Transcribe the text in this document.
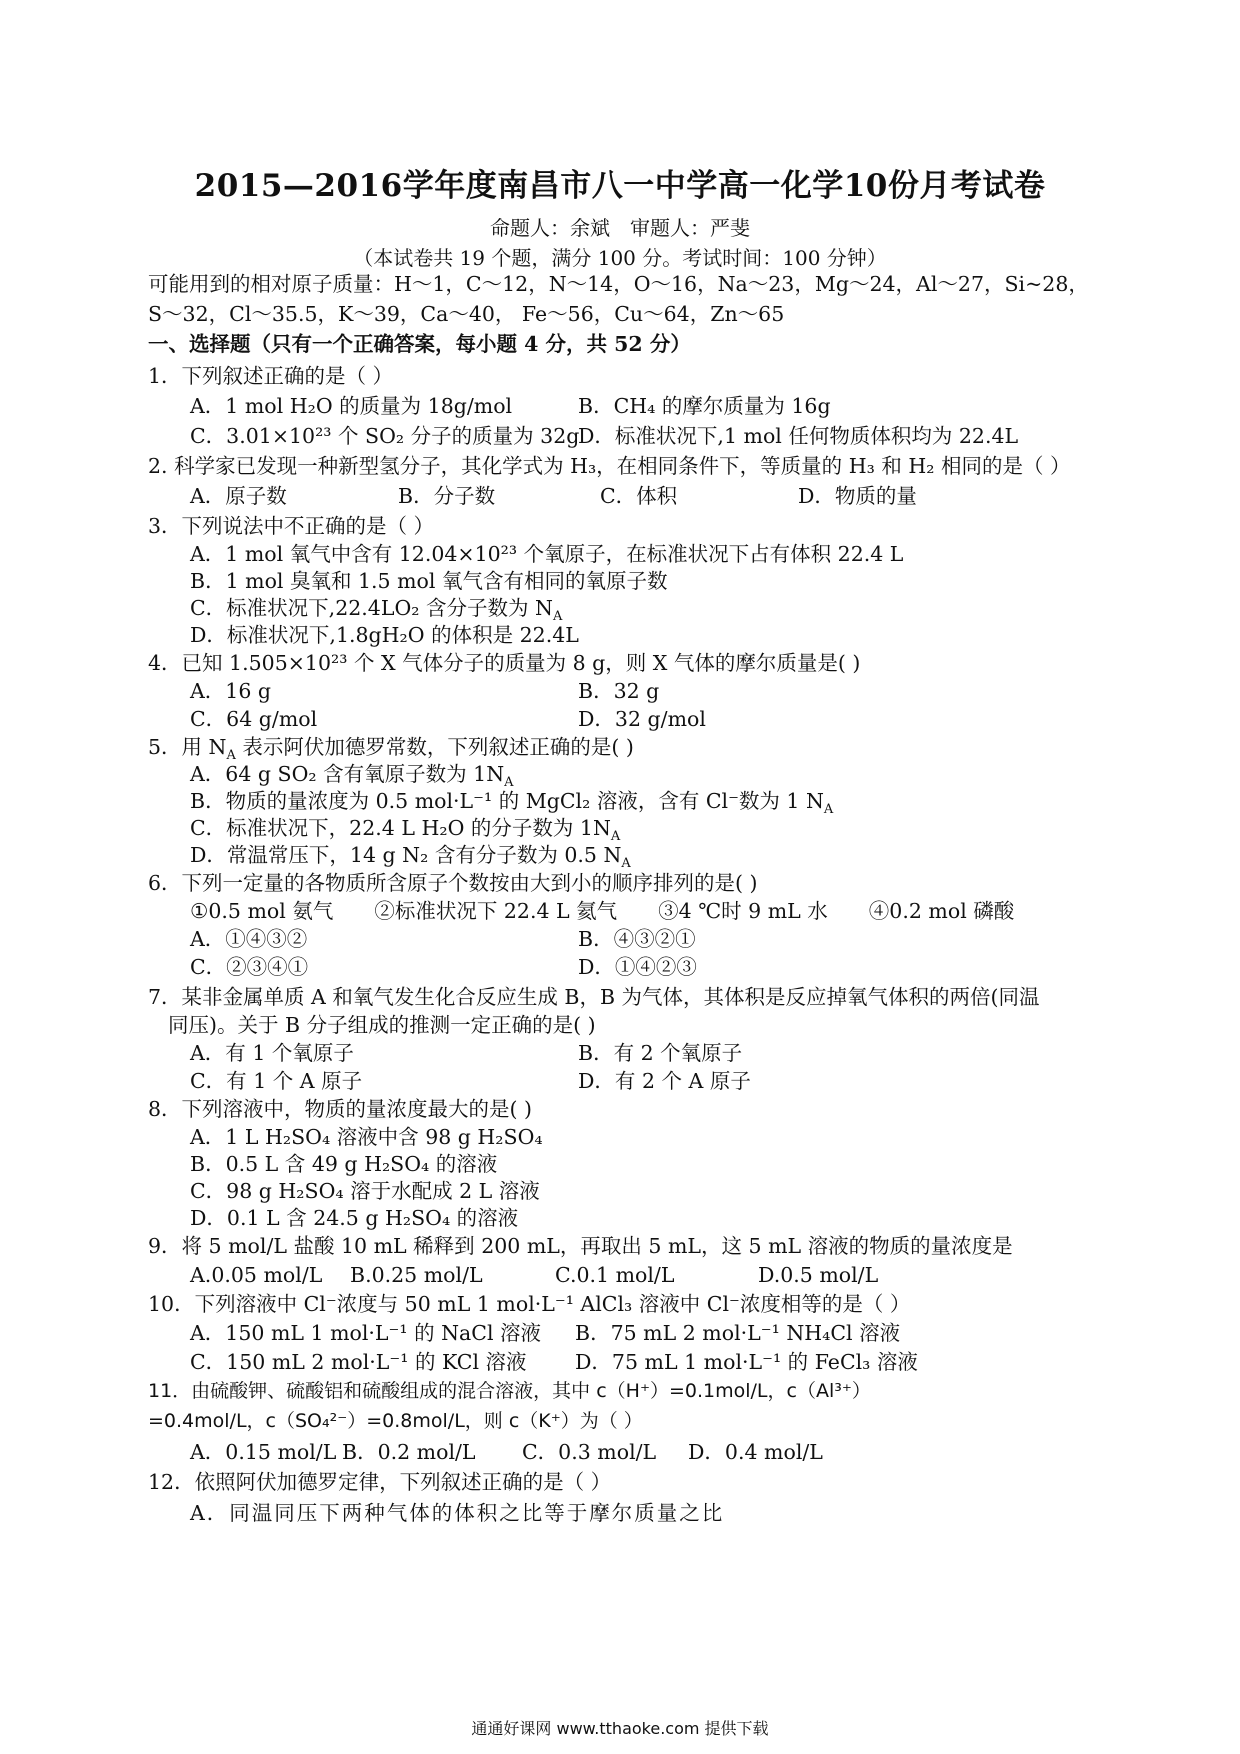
2015—2016学年度南昌市八一中学高一化学10份月考试卷
命题人：余斌　审题人：严斐
（本试卷共 19 个题，满分 100 分。考试时间：100 分钟）
可能用到的相对原子质量：H～1，C～12，N～14，O～16，Na～23，Mg～24，Al～27，Si~28，
S～32，Cl～35.5，K～39，Ca～40， Fe～56，Cu～64，Zn～65
一、选择题（只有一个正确答案，每小题 4 分，共 52 分）
1．下列叙述正确的是（ ）
A．1 mol H₂O 的质量为 18g/mol	B．CH₄ 的摩尔质量为 16g
C．3.01×10²³ 个 SO₂ 分子的质量为 32g
D．标准状况下,1 mol 任何物质体积均为 22.4L
2. 科学家已发现一种新型氢分子，其化学式为 H₃，在相同条件下，等质量的 H₃ 和 H₂ 相同的是（ ）
A．原子数	B．分子数	C．体积	D．物质的量
3．下列说法中不正确的是（ ）
A．1 mol 氧气中含有 12.04×10²³ 个氧原子，在标准状况下占有体积 22.4 L
B．1 mol 臭氧和 1.5 mol 氧气含有相同的氧原子数
C．标准状况下,22.4LO₂ 含分子数为 $N_A$
D．标准状况下,1.8gH₂O 的体积是 22.4L
4．已知 1.505×10²³ 个 X 气体分子的质量为 8 g，则 X 气体的摩尔质量是( )
A．16 g	B．32 g
C．64 g/mol	D．32 g/mol
5．用 $N_A$ 表示阿伏加德罗常数，下列叙述正确的是( )
A．64 g SO₂ 含有氧原子数为 $1N_A$
B．物质的量浓度为 0.5 mol·L⁻¹ 的 MgCl₂ 溶液，含有 Cl⁻数为 1 $N_A$
C．标准状况下，22.4 L H₂O 的分子数为 $1N_A$
D．常温常压下，14 g N₂ 含有分子数为 0.5 $N_A$
6．下列一定量的各物质所含原子个数按由大到小的顺序排列的是( )
①0.5 mol 氨气　　②标准状况下 22.4 L 氦气　　③4 ℃时 9 mL 水　　④0.2 mol 磷酸
A．①④③②	B．④③②①
C．②③④①	D．①④②③
7．某非金属单质 A 和氧气发生化合反应生成 B，B 为气体，其体积是反应掉氧气体积的两倍(同温
同压)。关于 B 分子组成的推测一定正确的是( )
A．有 1 个氧原子	B．有 2 个氧原子
C．有 1 个 A 原子	D．有 2 个 A 原子
8．下列溶液中，物质的量浓度最大的是( )
A．1 L H₂SO₄ 溶液中含 98 g H₂SO₄
B．0.5 L 含 49 g H₂SO₄ 的溶液
C．98 g H₂SO₄ 溶于水配成 2 L 溶液
D．0.1 L 含 24.5 g H₂SO₄ 的溶液
9．将 5 mol/L 盐酸 10 mL 稀释到 200 mL，再取出 5 mL，这 5 mL 溶液的物质的量浓度是
A.0.05 mol/L B.0.25 mol/L	C.0.1 mol/L	D.0.5 mol/L
10．下列溶液中 Cl⁻浓度与 50 mL 1 mol·L⁻¹ AlCl₃ 溶液中 Cl⁻浓度相等的是（ ）
A．150 mL 1 mol·L⁻¹ 的 NaCl 溶液 B．75 mL 2 mol·L⁻¹ NH₄Cl 溶液
C．150 mL 2 mol·L⁻¹ 的 KCl 溶液 D．75 mL 1 mol·L⁻¹ 的 FeCl₃ 溶液
11．由硫酸钾、硫酸铝和硫酸组成的混合溶液，其中 c（H⁺）=0.1mol/L，c（Al³⁺）
=0.4mol/L，c（SO₄²⁻）=0.8mol/L，则 c（K⁺）为（ ）
A．0.15 mol/L B．0.2 mol/L C．0.3 mol/L D．0.4 mol/L
12．依照阿伏加德罗定律，下列叙述正确的是（ ）
A．同温同压下两种气体的体积之比等于摩尔质量之比
通通好课网 www.tthaoke.com 提供下载
